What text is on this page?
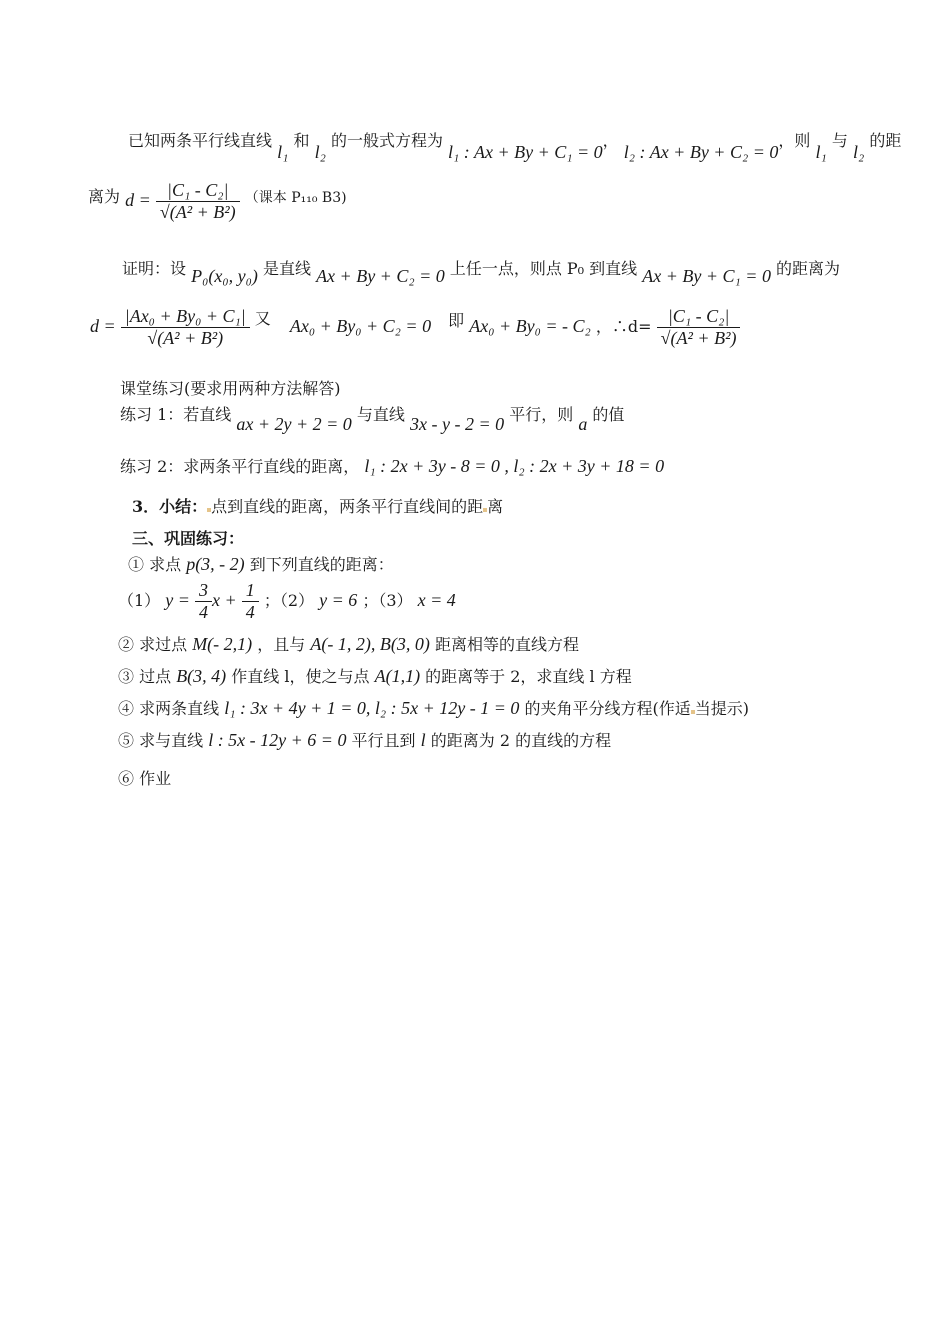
已知两条平行线直线 l₁ 和 l₂ 的一般式方程为 l₁ : Ax + By + C₁ = 0， l₂ : Ax + By + C₂ = 0，则 l₁ 与 l₂ 的距
离为 $d = \frac{\text{|C₁ - C₂|}}{\text{√(A² + B²)}}$ （课本 P₁₁₀ B3)
证明：设 P₀(x₀, y₀) 是直线 Ax + By + C₂ = 0 上任一点，则点 P₀ 到直线 Ax + By + C₁ = 0 的距离为
$d = \frac{\text{|Ax₀ + By₀ + C₁|}}{\text{√(A² + B²)}}$ 又 Ax₀ + By₀ + C₂ = 0 即 Ax₀ + By₀ = - C₂ ，∴d= $\frac{\text{|C₁ - C₂|}}{\text{√(A² + B²)}}$
课堂练习(要求用两种方法解答)
练习 1：若直线 ax + 2y + 2 = 0 与直线 3x - y - 2 = 0 平行，则 a 的值
练习 2：求两条平行直线的距离， l₁ : 2x + 3y - 8 = 0 , l₂ : 2x + 3y + 18 = 0
3．小结： 点到直线的距离，两条平行直线间的距 离
三、巩固练习：
① 求点 p(3, - 2) 到下列直线的距离：
（1） $y = \frac{3}{4}$ $x + \frac{1}{4}$ ；（2） y = 6 ；（3） x = 4
② 求过点 M(- 2,1) ，且与 A(- 1, 2), B(3, 0) 距离相等的直线方程
③ 过点 B(3, 4) 作直线 l，使之与点 A(1,1) 的距离等于 2，求直线 l 方程
④ 求两条直线 l₁ : 3x + 4y + 1 = 0, l₂ : 5x + 12y - 1 = 0 的夹角平分线方程(作适 当提示)
⑤ 求与直线 l : 5x - 12y + 6 = 0 平行且到 l 的距离为 2 的直线的方程
⑥ 作业
